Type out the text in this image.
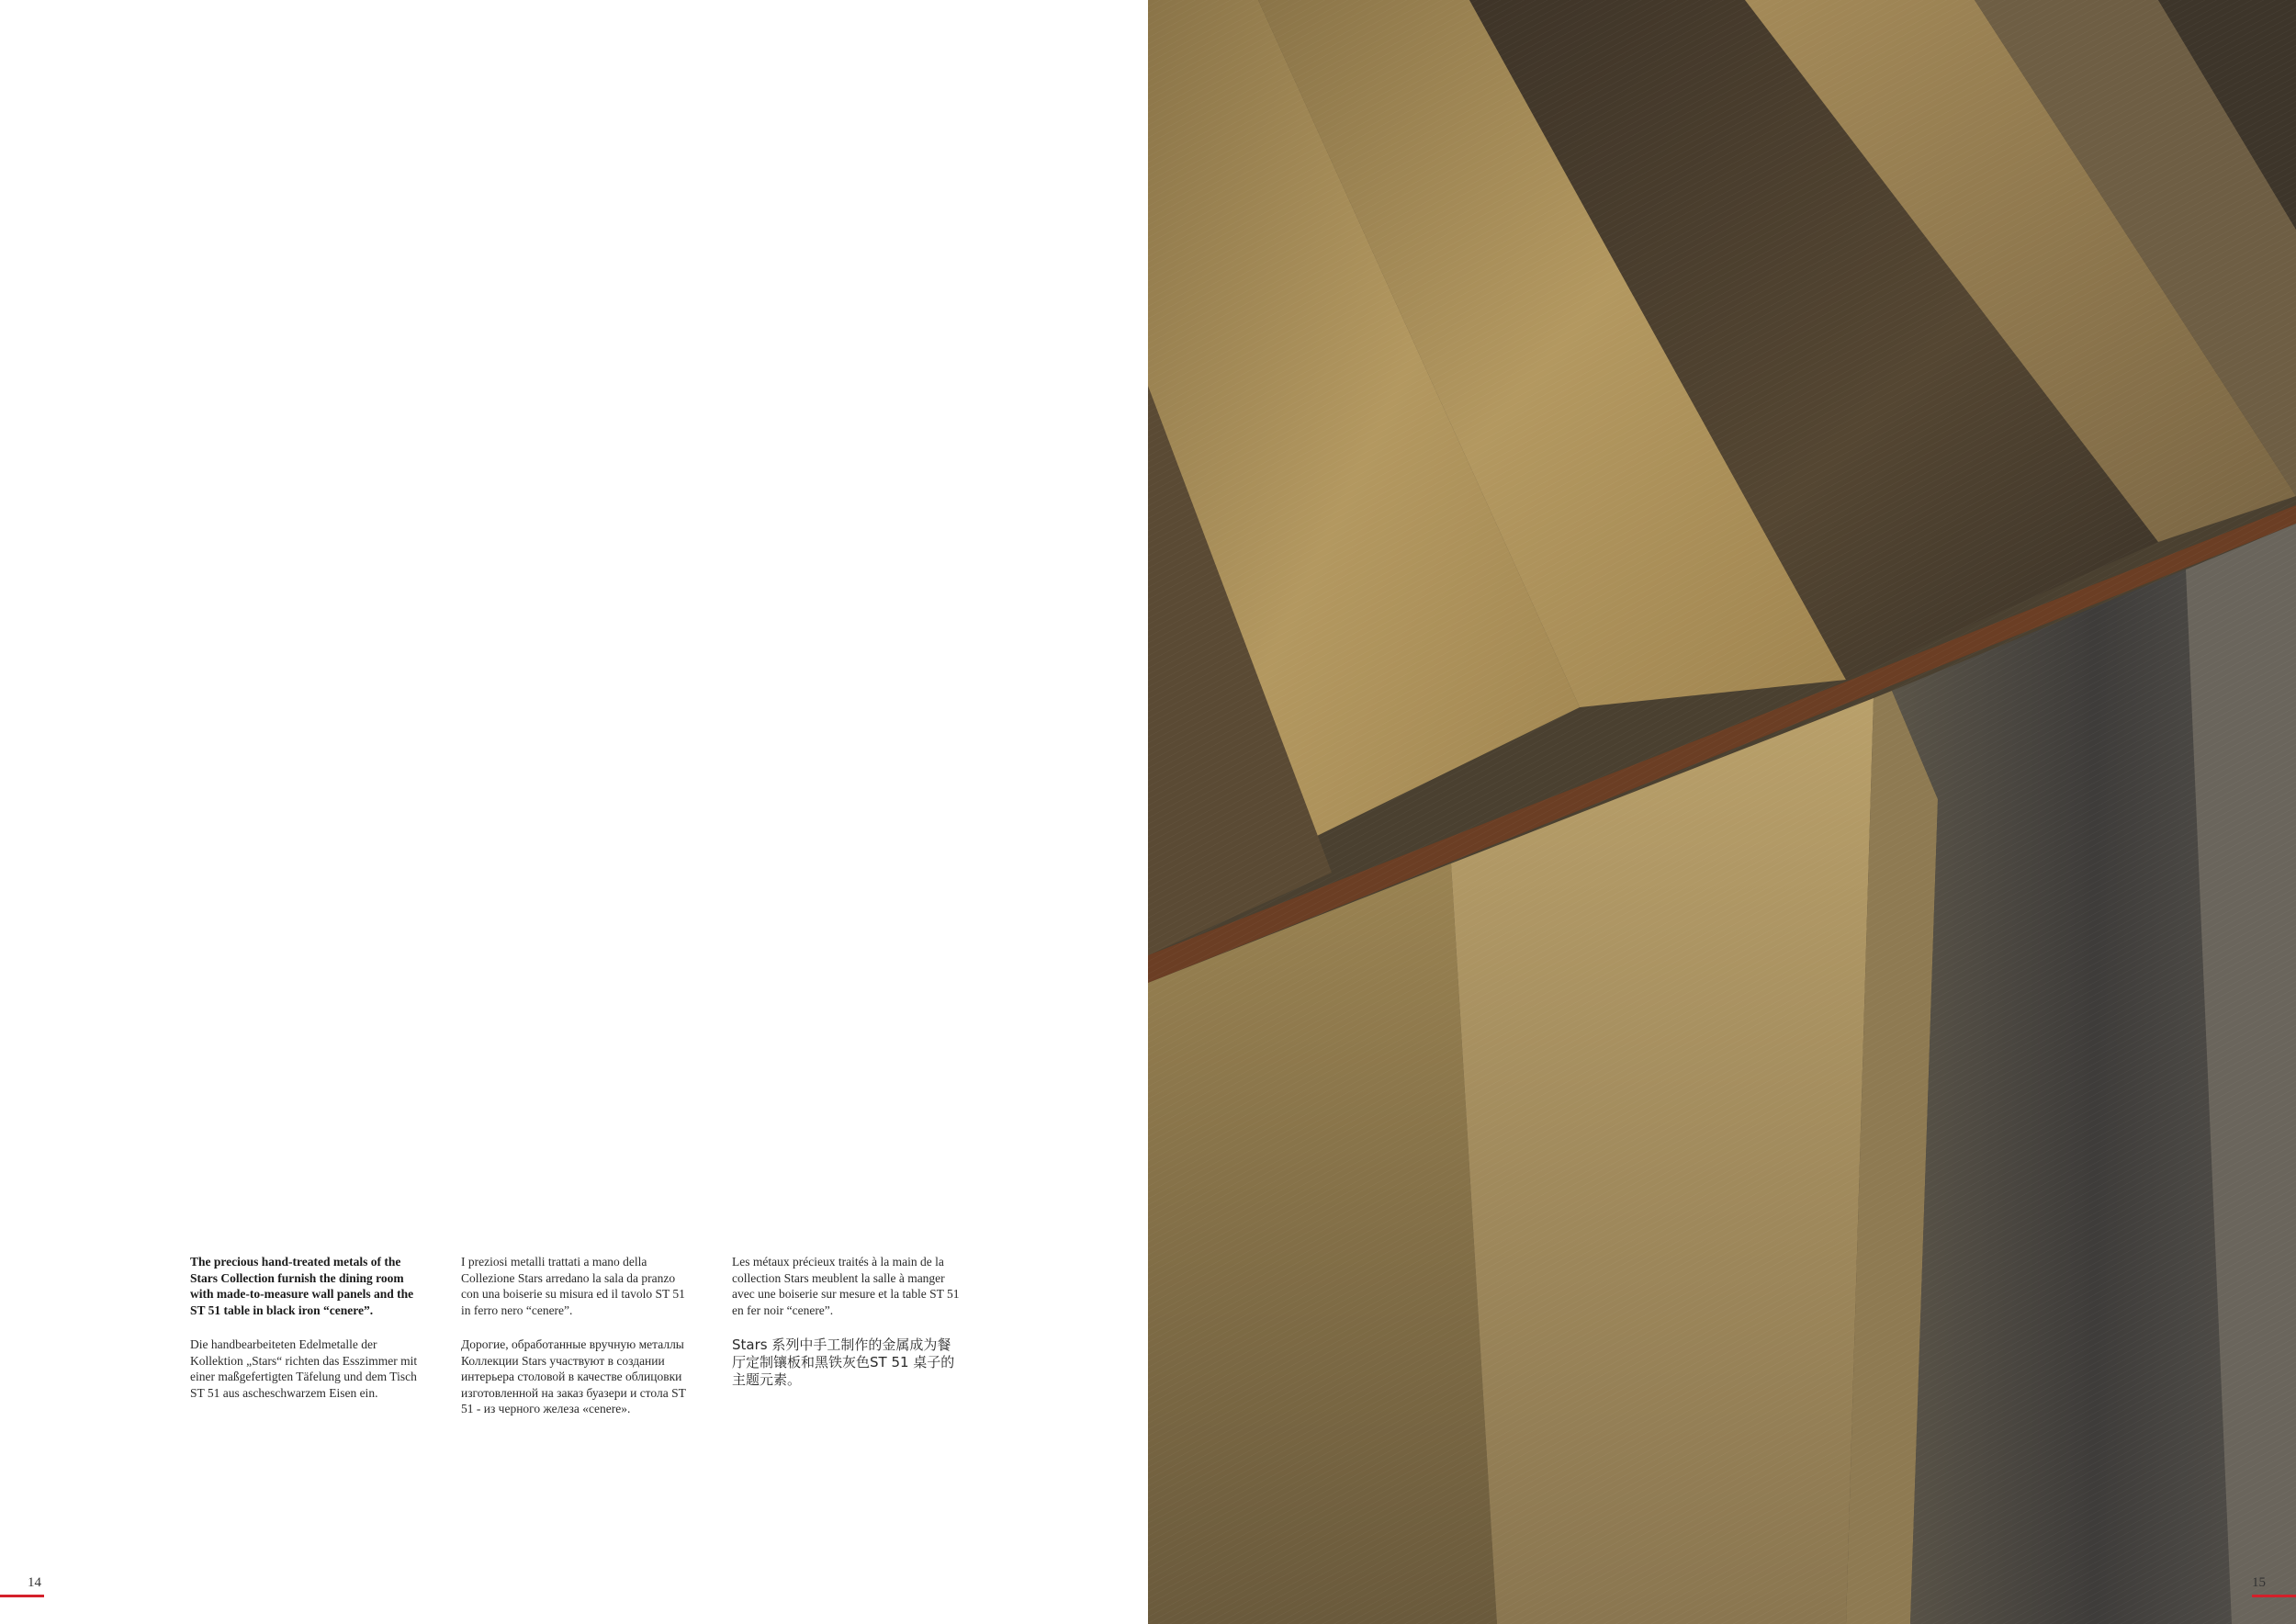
The precious hand-treated metals of the Stars Collection furnish the dining room with made-to-measure wall panels and the ST 51 table in black iron “cenere”.

Die handbearbeiteten Edelmetalle der Kollektion „Stars“ richten das Esszimmer mit einer maßgefertigten Täfelung und dem Tisch ST 51 aus ascheschwarzem Eisen ein.

I preziosi metalli trattati a mano della Collezione Stars arredano la sala da pranzo con una boiserie su misura ed il tavolo ST 51 in ferro nero “cenere”.

Дорогие, обработанные вручную металлы Коллекции Stars участвуют в создании интерьера столовой в качестве облицовки изготовленной на заказ буазери и стола ST 51 - из черного железа «cenere».

Les métaux précieux traités à la main de la collection Stars meublent la salle à manger avec une boiserie sur mesure et la table ST 51 en fer noir “cenere”.

Stars 系列中手工制作的金属成为餐厅定制镶板和黑铁灰色ST 51 桌子的主题元素。

14	15
